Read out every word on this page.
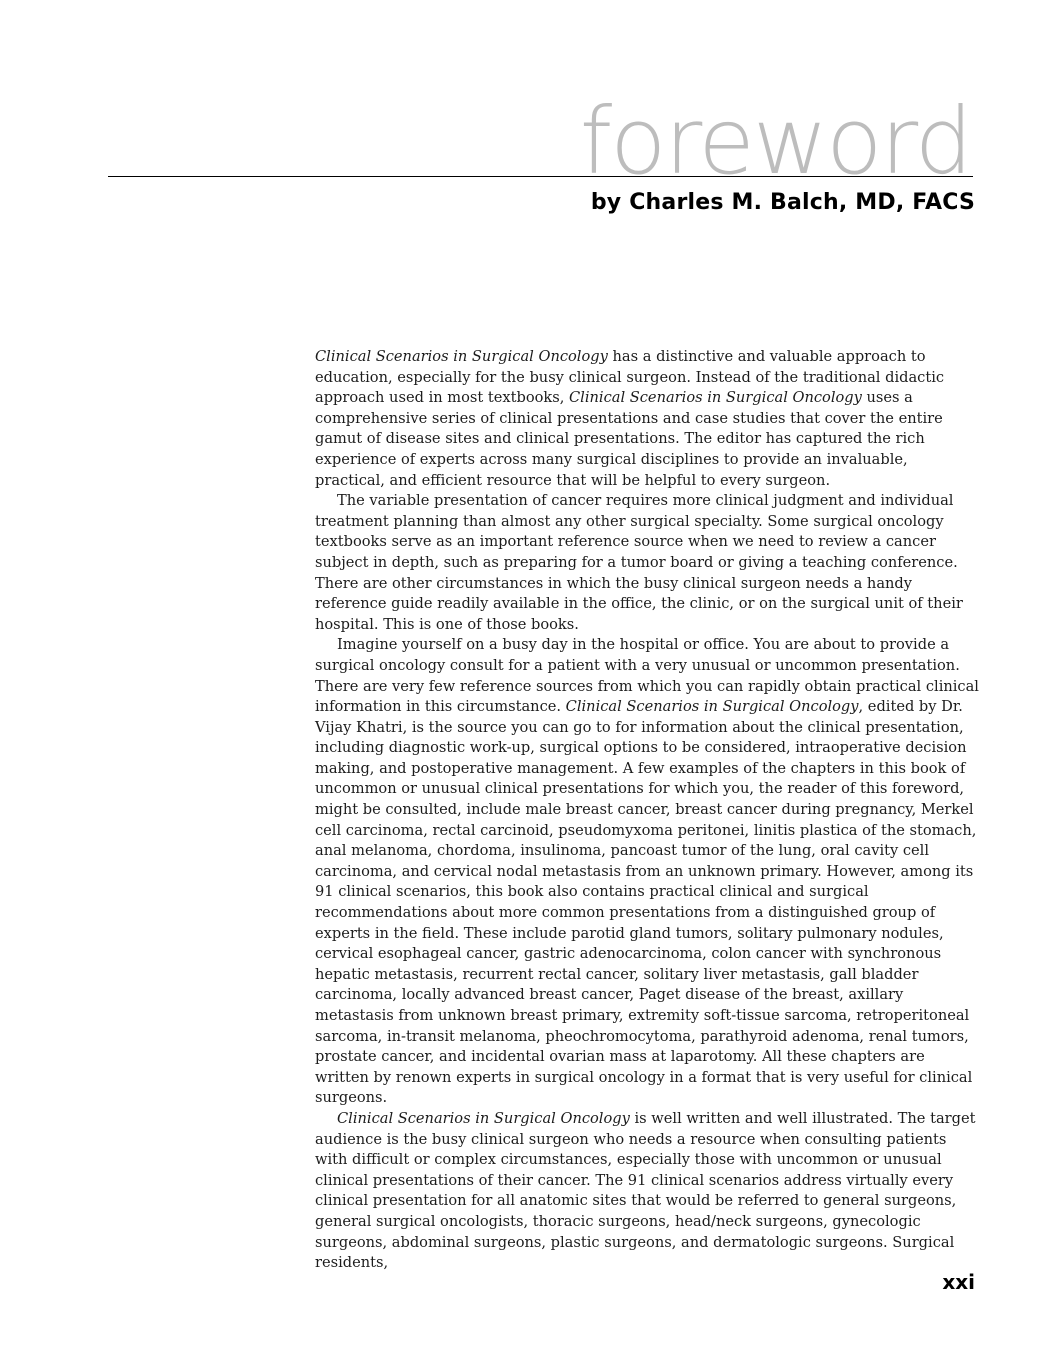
foreword
by Charles M. Balch, MD, FACS

Clinical Scenarios in Surgical Oncology has a distinctive and valuable approach to education, especially for the busy clinical surgeon. Instead of the traditional didactic approach used in most textbooks, Clinical Scenarios in Surgical Oncology uses a comprehensive series of clinical presentations and case studies that cover the entire gamut of disease sites and clinical presentations. The editor has captured the rich experience of experts across many surgical disciplines to provide an invaluable, practical, and efficient resource that will be helpful to every surgeon.

The variable presentation of cancer requires more clinical judgment and individual treatment planning than almost any other surgical specialty. Some surgical oncology textbooks serve as an important reference source when we need to review a cancer subject in depth, such as preparing for a tumor board or giving a teaching conference. There are other circumstances in which the busy clinical surgeon needs a handy reference guide readily available in the office, the clinic, or on the surgical unit of their hospital. This is one of those books.

Imagine yourself on a busy day in the hospital or office. You are about to provide a surgical oncology consult for a patient with a very unusual or uncommon presentation. There are very few reference sources from which you can rapidly obtain practical clinical information in this circumstance. Clinical Scenarios in Surgical Oncology, edited by Dr. Vijay Khatri, is the source you can go to for information about the clinical presentation, including diagnostic work-up, surgical options to be considered, intraoperative decision making, and postoperative management. A few examples of the chapters in this book of uncommon or unusual clinical presentations for which you, the reader of this foreword, might be consulted, include male breast cancer, breast cancer during pregnancy, Merkel cell carcinoma, rectal carcinoid, pseudomyxoma peritonei, linitis plastica of the stomach, anal melanoma, chordoma, insulinoma, pancoast tumor of the lung, oral cavity cell carcinoma, and cervical nodal metastasis from an unknown primary. However, among its 91 clinical scenarios, this book also contains practical clinical and surgical recommendations about more common presentations from a distinguished group of experts in the field. These include parotid gland tumors, solitary pulmonary nodules, cervical esophageal cancer, gastric adenocarcinoma, colon cancer with synchronous hepatic metastasis, recurrent rectal cancer, solitary liver metastasis, gall bladder carcinoma, locally advanced breast cancer, Paget disease of the breast, axillary metastasis from unknown breast primary, extremity soft-tissue sarcoma, retroperitoneal sarcoma, in-transit melanoma, pheochromocytoma, parathyroid adenoma, renal tumors, prostate cancer, and incidental ovarian mass at laparotomy. All these chapters are written by renown experts in surgical oncology in a format that is very useful for clinical surgeons.

Clinical Scenarios in Surgical Oncology is well written and well illustrated. The target audience is the busy clinical surgeon who needs a resource when consulting patients with difficult or complex circumstances, especially those with uncommon or unusual clinical presentations of their cancer. The 91 clinical scenarios address virtually every clinical presentation for all anatomic sites that would be referred to general surgeons, general surgical oncologists, thoracic surgeons, head/neck surgeons, gynecologic surgeons, abdominal surgeons, plastic surgeons, and dermatologic surgeons. Surgical residents,

xxi
